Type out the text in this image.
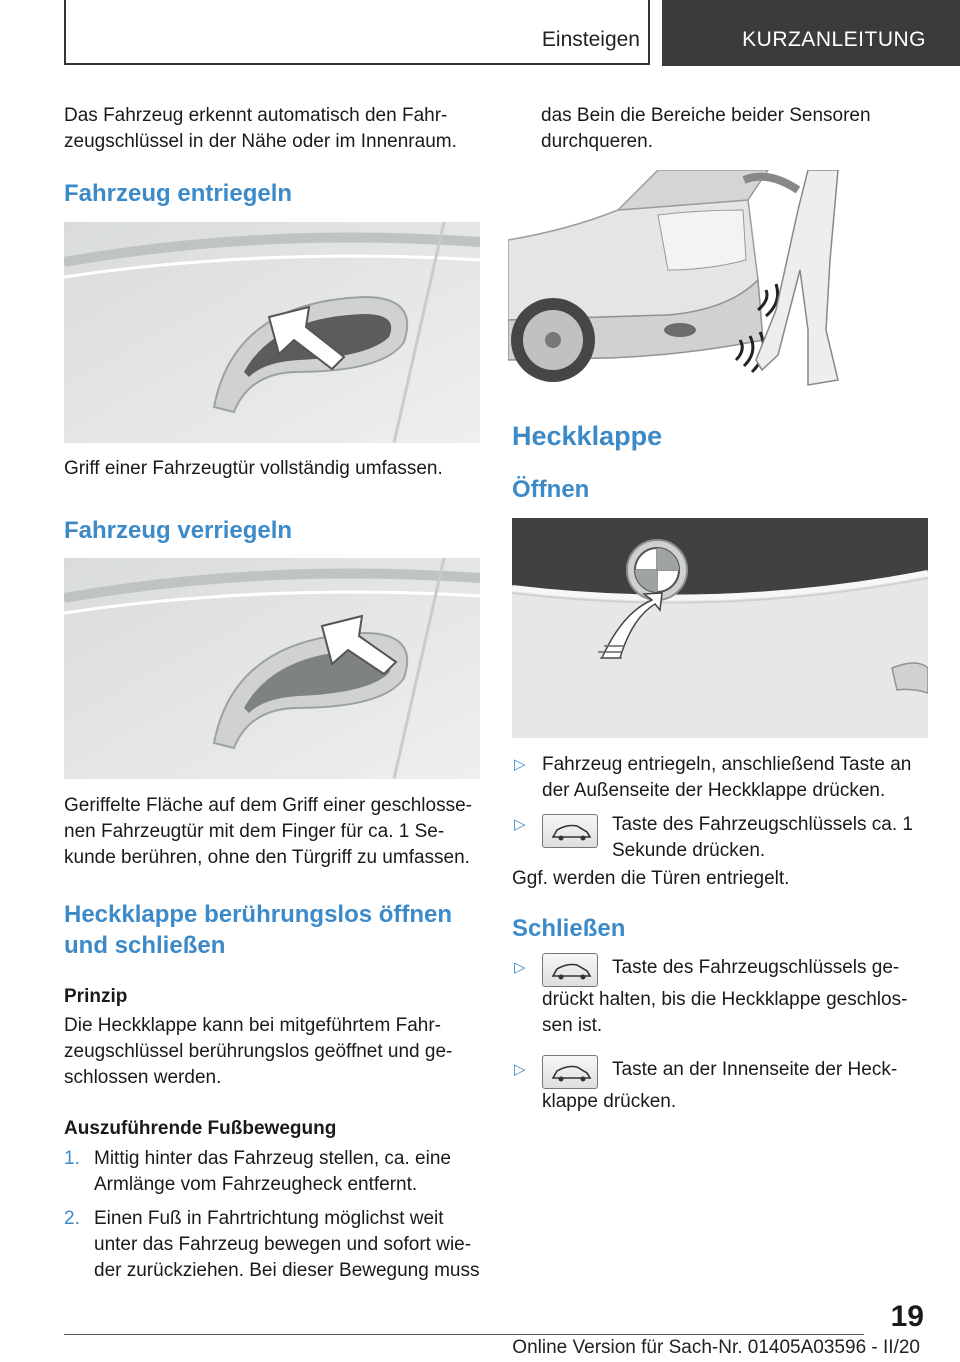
Einsteigen	KURZANLEITUNG

Das Fahrzeug erkennt automatisch den Fahr-zeugschlüssel in der Nähe oder im Innenraum.

Fahrzeug entriegeln

Griff einer Fahrzeugtür vollständig umfassen.

Fahrzeug verriegeln

Geriffelte Fläche auf dem Griff einer geschlosse-nen Fahrzeugtür mit dem Finger für ca. 1 Se-kunde berühren, ohne den Türgriff zu umfassen.

Heckklappe berührungslos öffnen und schließen
Prinzip

Die Heckklappe kann bei mitgeführtem Fahr-zeugschlüssel berührungslos geöffnet und ge-schlossen werden.

Auszuführende Fußbewegung
1. Mittig hinter das Fahrzeug stellen, ca. eine Armlänge vom Fahrzeugheck entfernt.
2. Einen Fuß in Fahrtrichtung möglichst weit unter das Fahrzeug bewegen und sofort wie-der zurückziehen. Bei dieser Bewegung muss

das Bein die Bereiche beider Sensoren durchqueren.

Heckklappe
Öffnen
▷ Fahrzeug entriegeln, anschließend Taste an der Außenseite der Heckklappe drücken.
▷	Taste des Fahrzeugschlüssels ca. 1 Sekunde drücken.

Ggf. werden die Türen entriegelt.

Schließen
▷	Taste des Fahrzeugschlüssels ge-drückt halten, bis die Heckklappe geschlos-sen ist.
▷	Taste an der Innenseite der Heck-klappe drücken.
19
Online Version für Sach-Nr. 01405A03596 - II/20
